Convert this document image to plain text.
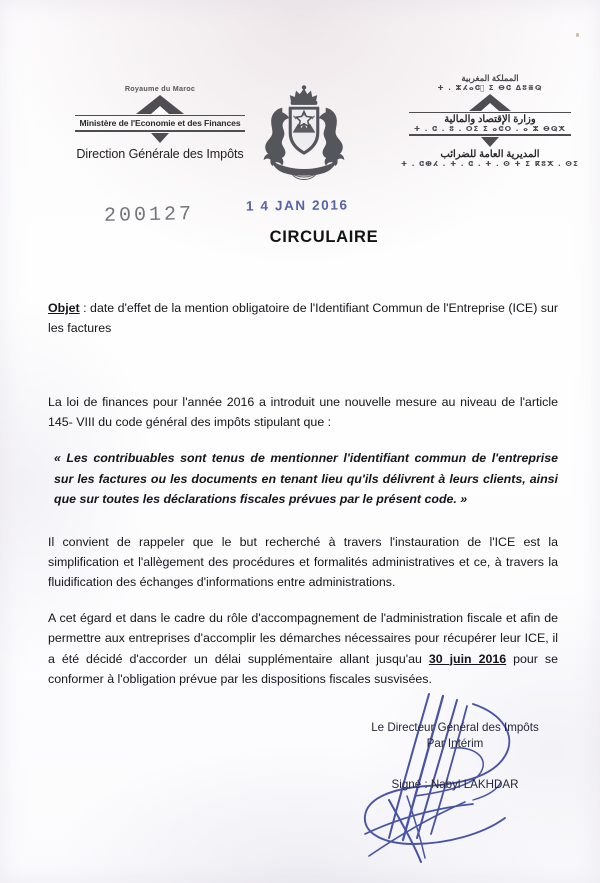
Royaume du Maroc
Ministère de l'Economie et des Finances
Direction Générale des Impôts
المملكة المغربية
ⵜ . ⵣⵃⴰⵛ⵿ ⵉ ⴱⵛ ⵠⵓⴻⵕ
وزارة الإقتصاد والمالية
ⵜ . ⵛ . ⵓ . ⵔⵉ ⵉ ⴰⵛⵔ . ⴰ ⵣ ⴱⵕⵅ
المديرية العامة للضرائب
ⵜ . ⵛⴲⵃ . ⵜ . ⵛ . ⵜ . ⵙ ⵜ ⵉ ⴽⵓⵅ . ⵙⵉ
200127	1 4 JAN 2016
CIRCULAIRE

Objet : date d'effet de la mention obligatoire de l'Identifiant Commun de l'Entreprise (ICE) sur les factures

La loi de finances pour l'année 2016 a introduit une nouvelle mesure au niveau de l'article 145- VIII du code général des impôts stipulant que :

« Les contribuables sont tenus de mentionner l'identifiant commun de l'entreprise sur les factures ou les documents en tenant lieu qu'ils délivrent à leurs clients, ainsi que sur toutes les déclarations fiscales prévues par le présent code. »

Il convient de rappeler que le but recherché à travers l'instauration de l'ICE est la simplification et l'allègement des procédures et formalités administratives et ce, à travers la fluidification des échanges d'informations entre administrations.

A cet égard et dans le cadre du rôle d'accompagnement de l'administration fiscale et afin de permettre aux entreprises d'accomplir les démarches nécessaires pour récupérer leur ICE, il a été décidé d'accorder un délai supplémentaire allant jusqu'au 30 juin 2016 pour se conformer à l'obligation prévue par les dispositions fiscales susvisées.

Le Directeur Général des Impôts
Par Intérim
Signé : Nabyl LAKHDAR
